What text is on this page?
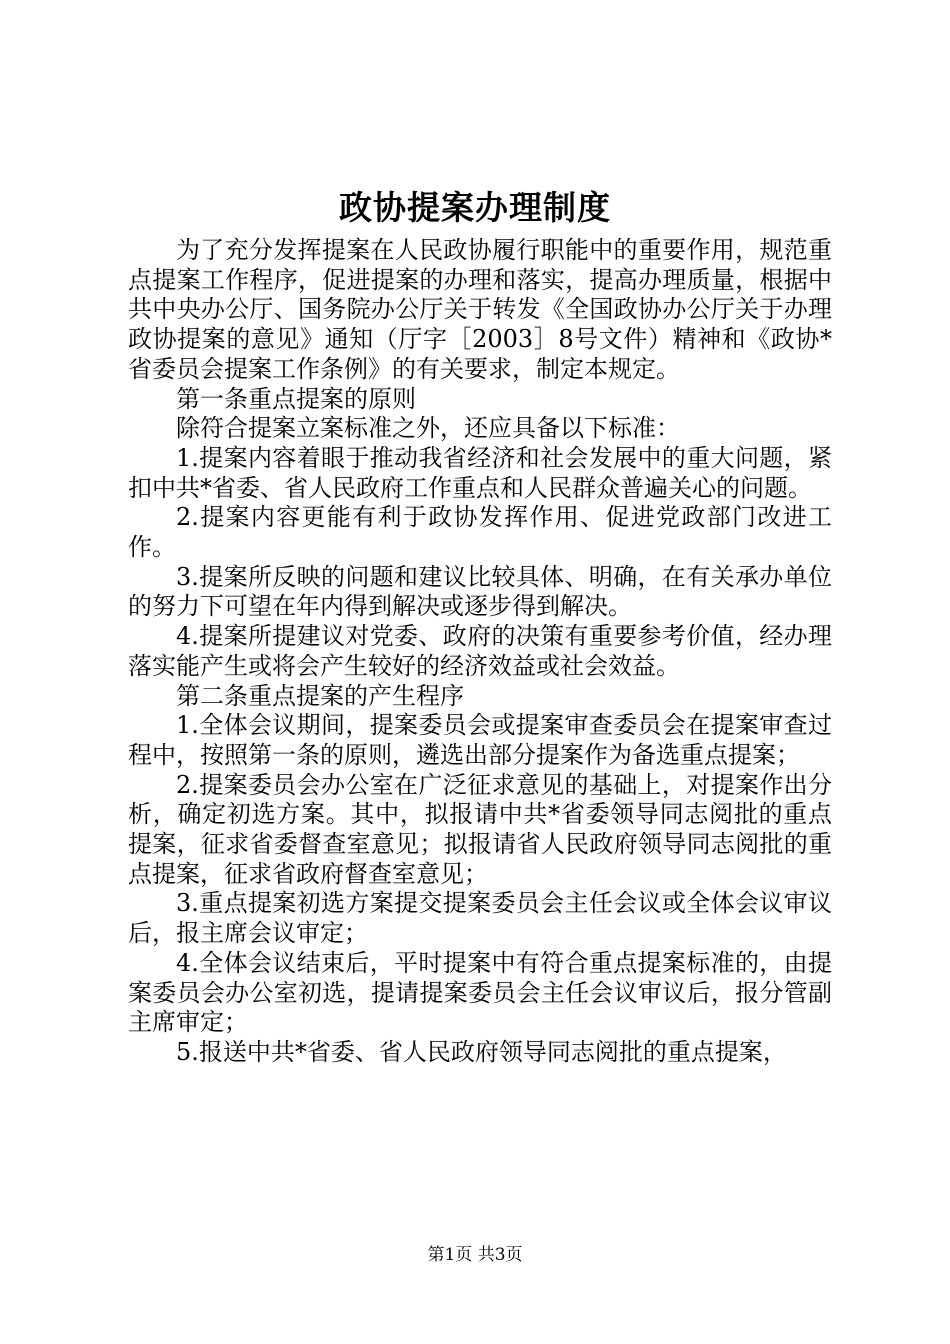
政协提案办理制度

为了充分发挥提案在人民政协履行职能中的重要作用，规范重点提案工作程序，促进提案的办理和落实，提高办理质量，根据中共中央办公厅、国务院办公厅关于转发《全国政协办公厅关于办理政协提案的意见》通知（厅字［2003］8号文件）精神和《政协*省委员会提案工作条例》的有关要求，制定本规定。

第一条重点提案的原则

除符合提案立案标准之外，还应具备以下标准：

1.提案内容着眼于推动我省经济和社会发展中的重大问题，紧扣中共*省委、省人民政府工作重点和人民群众普遍关心的问题。

2.提案内容更能有利于政协发挥作用、促进党政部门改进工作。

3.提案所反映的问题和建议比较具体、明确，在有关承办单位的努力下可望在年内得到解决或逐步得到解决。

4.提案所提建议对党委、政府的决策有重要参考价值，经办理落实能产生或将会产生较好的经济效益或社会效益。

第二条重点提案的产生程序

1.全体会议期间，提案委员会或提案审查委员会在提案审查过程中，按照第一条的原则，遴选出部分提案作为备选重点提案；

2.提案委员会办公室在广泛征求意见的基础上，对提案作出分析，确定初选方案。其中，拟报请中共*省委领导同志阅批的重点提案，征求省委督查室意见；拟报请省人民政府领导同志阅批的重点提案，征求省政府督查室意见；

3.重点提案初选方案提交提案委员会主任会议或全体会议审议后，报主席会议审定；

4.全体会议结束后，平时提案中有符合重点提案标准的，由提案委员会办公室初选，提请提案委员会主任会议审议后，报分管副主席审定；

5.报送中共*省委、省人民政府领导同志阅批的重点提案，

第1页 共3页
